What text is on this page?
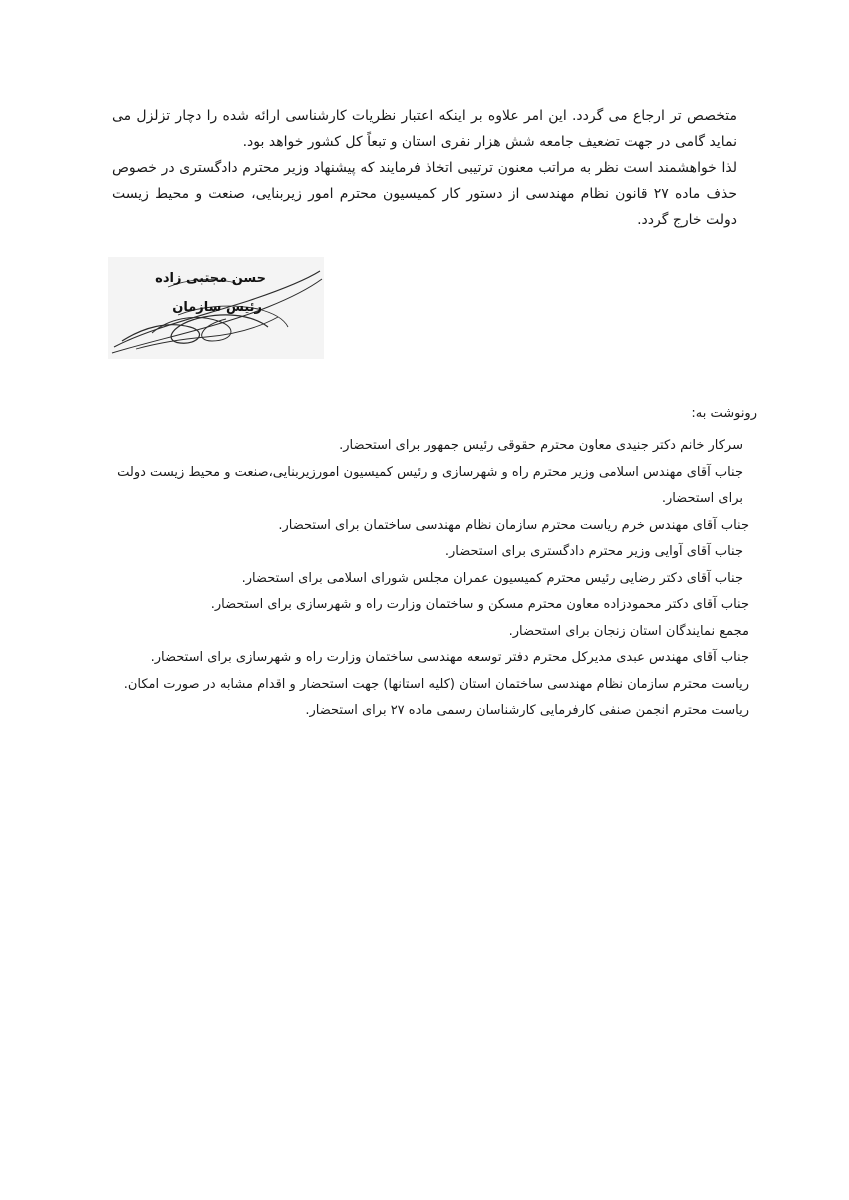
متخصص تر ارجاع می گردد. این امر علاوه بر اینکه اعتبار نظریات کارشناسی ارائه شده را دچار تزلزل می نماید گامی در جهت تضعیف جامعه شش هزار نفری استان و تبعاً کل کشور خواهد بود.

لذا خواهشمند است نظر به مراتب معنون ترتیبی اتخاذ فرمایند که پیشنهاد وزیر محترم دادگستری در خصوص حذف ماده ۲۷ قانون نظام مهندسی از دستور کار کمیسیون محترم امور زیربنایی، صنعت و محیط زیست دولت خارج گردد.

حسن مجتبی زاده
رئیس سازمان
رونوشت به:
سرکار خانم دکتر جنیدی معاون محترم حقوقی رئیس جمهور برای استحضار.
جناب آقای مهندس اسلامی وزیر محترم راه و شهرسازی و رئیس کمیسیون امورزیربنایی،صنعت و محیط زیست دولت برای استحضار.
جناب آقای مهندس خرم ریاست محترم سازمان نظام مهندسی ساختمان برای استحضار.
جناب آقای آوایی وزیر محترم دادگستری برای استحضار.
جناب آقای دکتر رضایی رئیس محترم کمیسیون عمران مجلس شورای اسلامی برای استحضار.
جناب آقای دکتر محمودزاده معاون محترم مسکن و ساختمان وزارت راه و شهرسازی برای استحضار.
مجمع نمایندگان استان زنجان برای استحضار.
جناب آقای مهندس عبدی مدیرکل محترم دفتر توسعه مهندسی ساختمان وزارت راه و شهرسازی برای استحضار.
ریاست محترم سازمان نظام مهندسی ساختمان استان (کلیه استانها) جهت استحضار و اقدام مشابه در صورت امکان.
ریاست محترم انجمن صنفی کارفرمایی کارشناسان رسمی ماده ۲۷ برای استحضار.
